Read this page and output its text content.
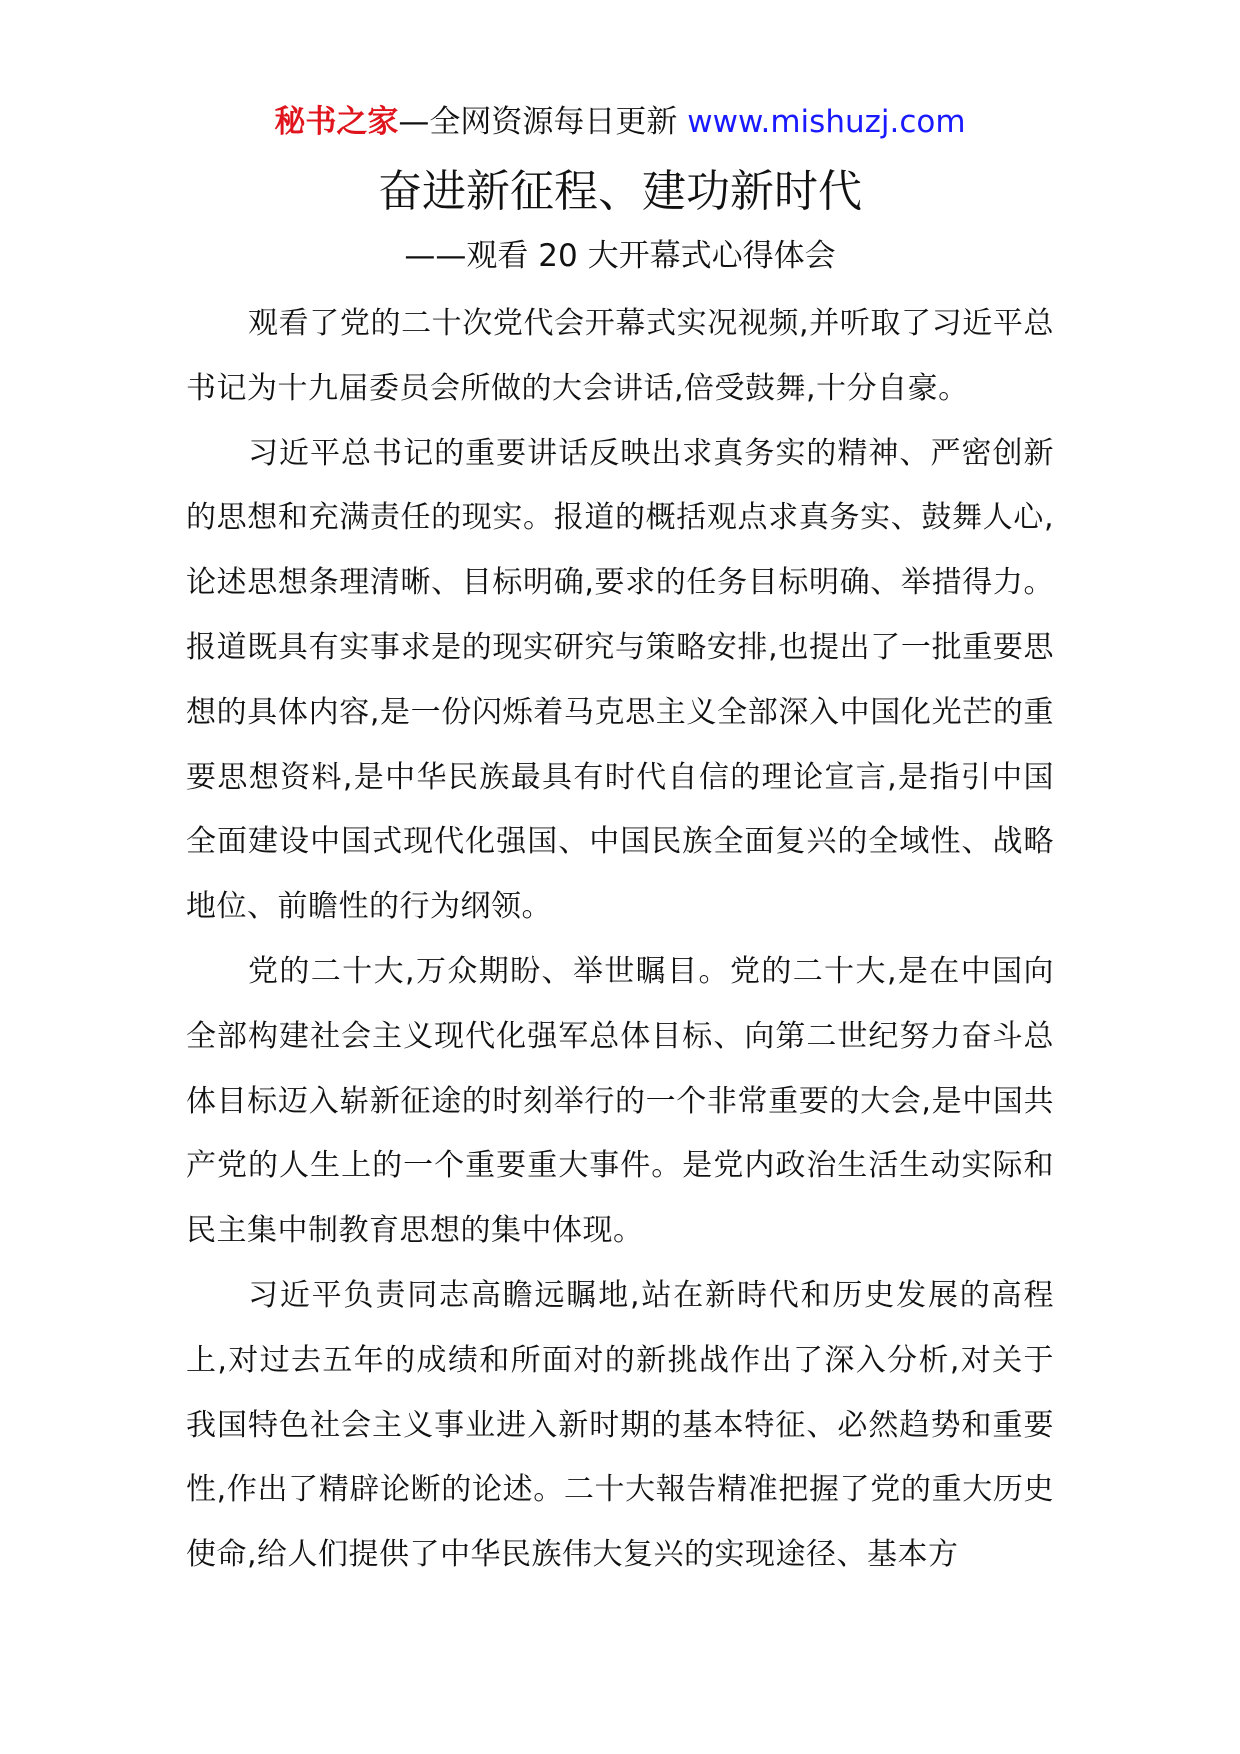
秘书之家—全网资源每日更新 www.mishuzj.com
奋进新征程、建功新时代
——观看 20 大开幕式心得体会

观看了党的二十次党代会开幕式实况视频,并听取了习近平总书记为十九届委员会所做的大会讲话,倍受鼓舞,十分自豪。

习近平总书记的重要讲话反映出求真务实的精神、严密创新的思想和充满责任的现实。报道的概括观点求真务实、鼓舞人心,论述思想条理清晰、目标明确,要求的任务目标明确、举措得力。报道既具有实事求是的现实研究与策略安排,也提出了一批重要思想的具体内容,是一份闪烁着马克思主义全部深入中国化光芒的重要思想资料,是中华民族最具有时代自信的理论宣言,是指引中国全面建设中国式现代化强国、中国民族全面复兴的全域性、战略地位、前瞻性的行为纲领。

党的二十大,万众期盼、举世瞩目。党的二十大,是在中国向全部构建社会主义现代化强军总体目标、向第二世纪努力奋斗总体目标迈入崭新征途的时刻举行的一个非常重要的大会,是中国共产党的人生上的一个重要重大事件。是党内政治生活生动实际和民主集中制教育思想的集中体现。

习近平负责同志高瞻远瞩地,站在新時代和历史发展的高程上,对过去五年的成绩和所面对的新挑战作出了深入分析,对关于我国特色社会主义事业进入新时期的基本特征、必然趋势和重要性,作出了精辟论断的论述。二十大報告精准把握了党的重大历史使命,给人们提供了中华民族伟大复兴的实现途径、基本方
